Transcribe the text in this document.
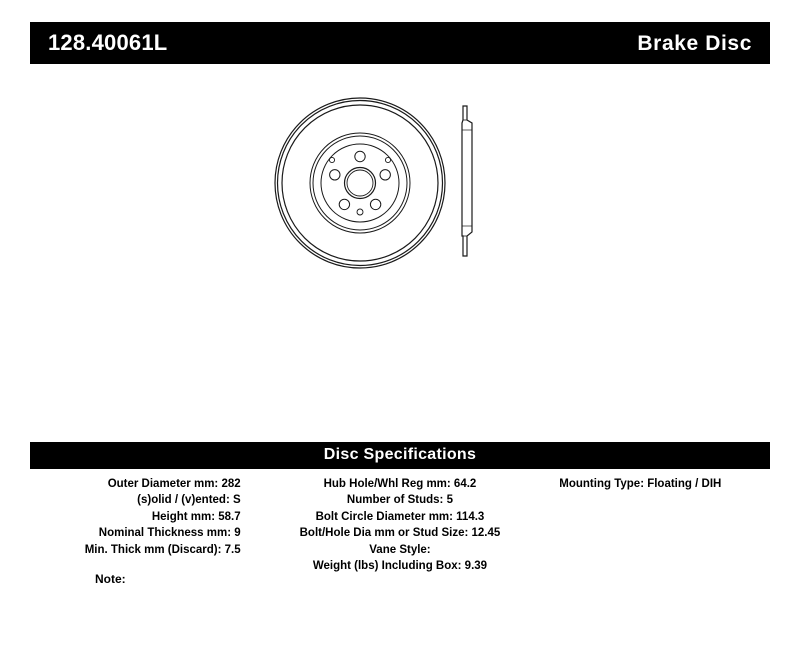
128.40061L	Brake Disc
Disc Specifications
Outer Diameter mm: 282
(s)olid / (v)ented: S
Height mm: 58.7
Nominal Thickness mm: 9
Min. Thick mm (Discard): 7.5
Hub Hole/Whl Reg mm: 64.2
Number of Studs: 5
Bolt Circle Diameter mm: 114.3
Bolt/Hole Dia mm or Stud Size: 12.45
Vane Style:
Weight (lbs) Including Box: 9.39
Mounting Type: Floating / DIH
Note:
